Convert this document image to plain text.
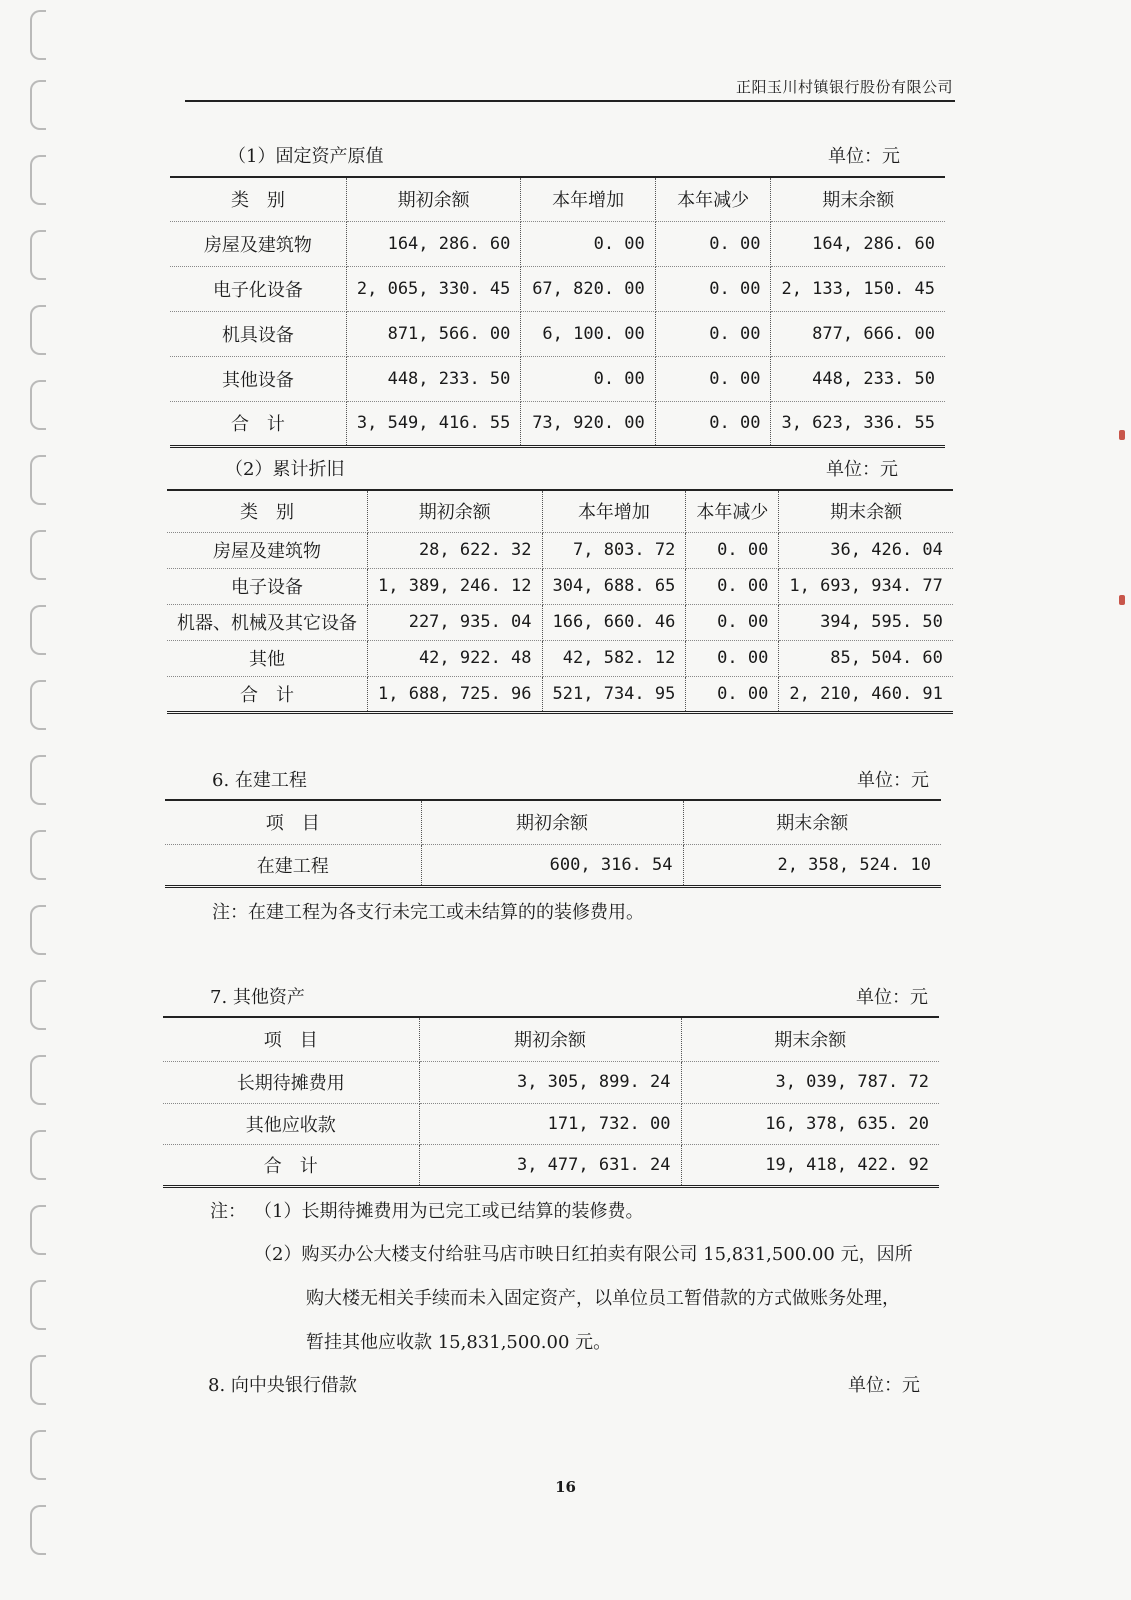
正阳玉川村镇银行股份有限公司
（1）固定资产原值	单位：元
类　别	期初余额	本年增加	本年减少	期末余额
房屋及建筑物	164, 286. 60	0. 00	0. 00	164, 286. 60
电子化设备	2, 065, 330. 45	67, 820. 00	0. 00	2, 133, 150. 45
机具设备	871, 566. 00	6, 100. 00	0. 00	877, 666. 00
其他设备	448, 233. 50	0. 00	0. 00	448, 233. 50
合　计	3, 549, 416. 55	73, 920. 00	0. 00	3, 623, 336. 55
（2）累计折旧	单位：元
类　别	期初余额	本年增加	本年减少	期末余额
房屋及建筑物	28, 622. 32	7, 803. 72	0. 00	36, 426. 04
电子设备	1, 389, 246. 12	304, 688. 65	0. 00	1, 693, 934. 77
机器、机械及其它设备	227, 935. 04	166, 660. 46	0. 00	394, 595. 50
其他	42, 922. 48	42, 582. 12	0. 00	85, 504. 60
合　计	1, 688, 725. 96	521, 734. 95	0. 00	2, 210, 460. 91
6. 在建工程	单位：元
项　目	期初余额	期末余额
在建工程	600, 316. 54	2, 358, 524. 10
注：在建工程为各支行未完工或未结算的的装修费用。
7. 其他资产	单位：元
项　目	期初余额	期末余额
长期待摊费用	3, 305, 899. 24	3, 039, 787. 72
其他应收款	171, 732. 00	16, 378, 635. 20
合　计	3, 477, 631. 24	19, 418, 422. 92
注： （1）长期待摊费用为已完工或已结算的装修费。
（2）购买办公大楼支付给驻马店市映日红拍卖有限公司 15,831,500.00 元，因所
购大楼无相关手续而未入固定资产，以单位员工暂借款的方式做账务处理，
暂挂其他应收款 15,831,500.00 元。
8. 向中央银行借款	单位：元
16
